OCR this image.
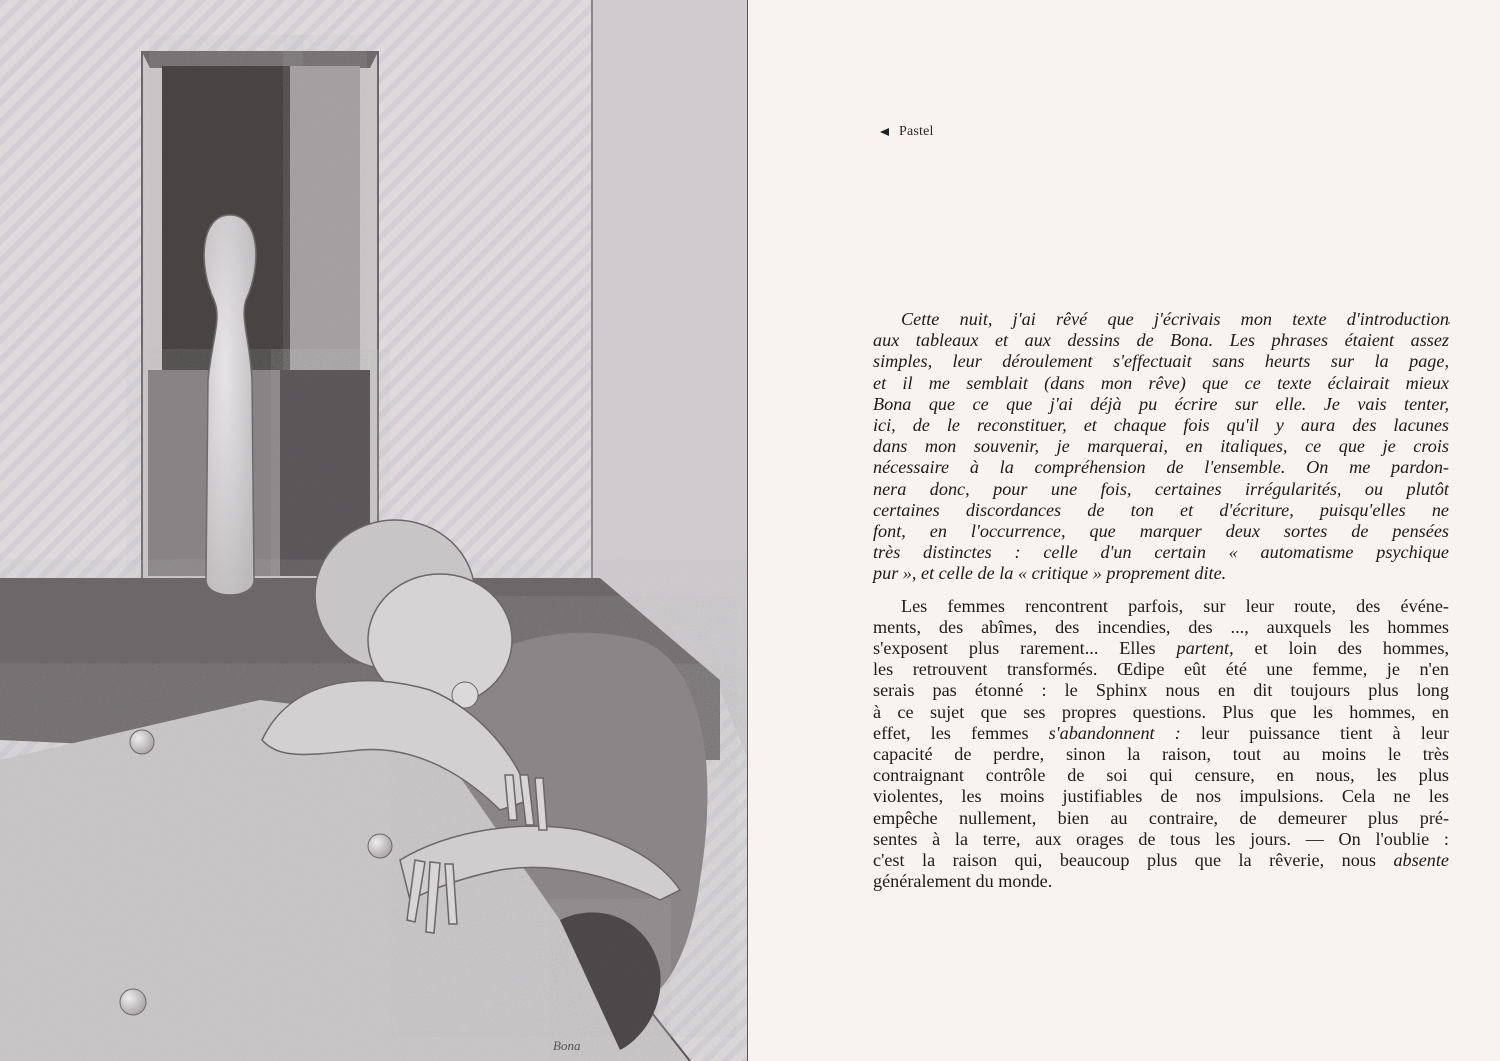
Bona
Pastel

Cette nuit, j'ai rêvé que j'écrivais mon texte d'introduction
aux tableaux et aux dessins de Bona. Les phrases étaient assez
simples, leur déroulement s'effectuait sans heurts sur la page,
et il me semblait (dans mon rêve) que ce texte éclairait mieux
Bona que ce que j'ai déjà pu écrire sur elle. Je vais tenter,
ici, de le reconstituer, et chaque fois qu'il y aura des lacunes
dans mon souvenir, je marquerai, en italiques, ce que je crois
nécessaire à la compréhension de l'ensemble. On me pardon-
nera donc, pour une fois, certaines irrégularités, ou plutôt
certaines discordances de ton et d'écriture, puisqu'elles ne
font, en l'occurrence, que marquer deux sortes de pensées
très distinctes : celle d'un certain « automatisme psychique
pur », et celle de la « critique » proprement dite.

Les femmes rencontrent parfois, sur leur route, des événe-
ments, des abîmes, des incendies, des ..., auxquels les hommes
s'exposent plus rarement... Elles partent, et loin des hommes,
les retrouvent transformés. Œdipe eût été une femme, je n'en
serais pas étonné : le Sphinx nous en dit toujours plus long
à ce sujet que ses propres questions. Plus que les hommes, en
effet, les femmes s'abandonnent : leur puissance tient à leur
capacité de perdre, sinon la raison, tout au moins le très
contraignant contrôle de soi qui censure, en nous, les plus
violentes, les moins justifiables de nos impulsions. Cela ne les
empêche nullement, bien au contraire, de demeurer plus pré-
sentes à la terre, aux orages de tous les jours. — On l'oublie :
c'est la raison qui, beaucoup plus que la rêverie, nous absente
généralement du monde.
